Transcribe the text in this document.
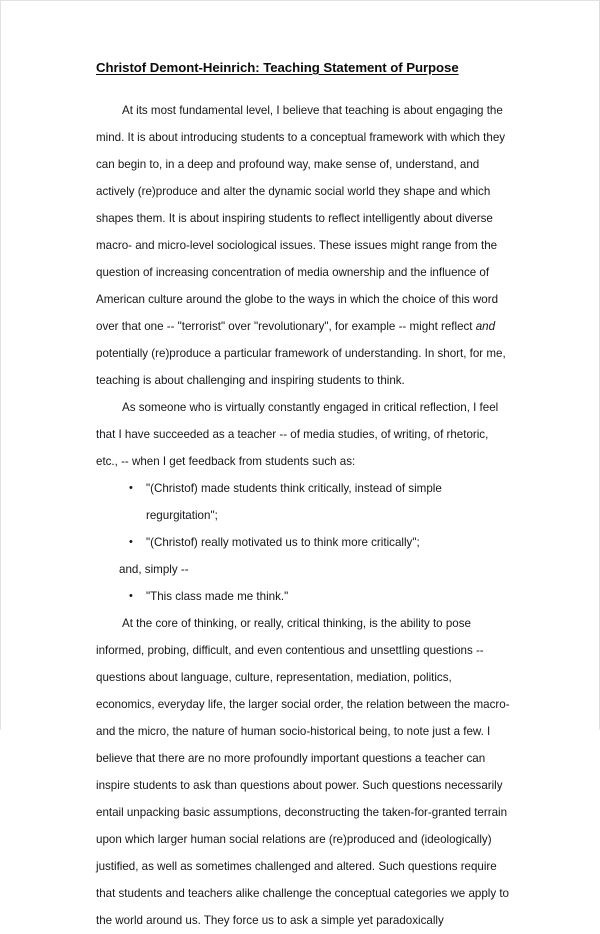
Christof Demont-Heinrich: Teaching Statement of Purpose

At its most fundamental level, I believe that teaching is about engaging the mind. It is about introducing students to a conceptual framework with which they can begin to, in a deep and profound way, make sense of, understand, and actively (re)produce and alter the dynamic social world they shape and which shapes them. It is about inspiring students to reflect intelligently about diverse macro- and micro-level sociological issues. These issues might range from the question of increasing concentration of media ownership and the influence of American culture around the globe to the ways in which the choice of this word over that one -- "terrorist" over "revolutionary", for example -- might reflect and potentially (re)produce a particular framework of understanding. In short, for me, teaching is about challenging and inspiring students to think.

As someone who is virtually constantly engaged in critical reflection, I feel that I have succeeded as a teacher -- of media studies, of writing, of rhetoric, etc., -- when I get feedback from students such as:

• "(Christof) made students think critically, instead of simple regurgitation";
• "(Christof) really motivated us to think more critically";

and, simply --

• "This class made me think."

At the core of thinking, or really, critical thinking, is the ability to pose informed, probing, difficult, and even contentious and unsettling questions -- questions about language, culture, representation, mediation, politics, economics, everyday life, the larger social order, the relation between the macro- and the micro, the nature of human socio-historical being, to note just a few. I believe that there are no more profoundly important questions a teacher can inspire students to ask than questions about power. Such questions necessarily entail unpacking basic assumptions, deconstructing the taken-for-granted terrain upon which larger human social relations are (re)produced and (ideologically) justified, as well as sometimes challenged and altered. Such questions require that students and teachers alike challenge the conceptual categories we apply to the world around us. They force us to ask a simple yet paradoxically
